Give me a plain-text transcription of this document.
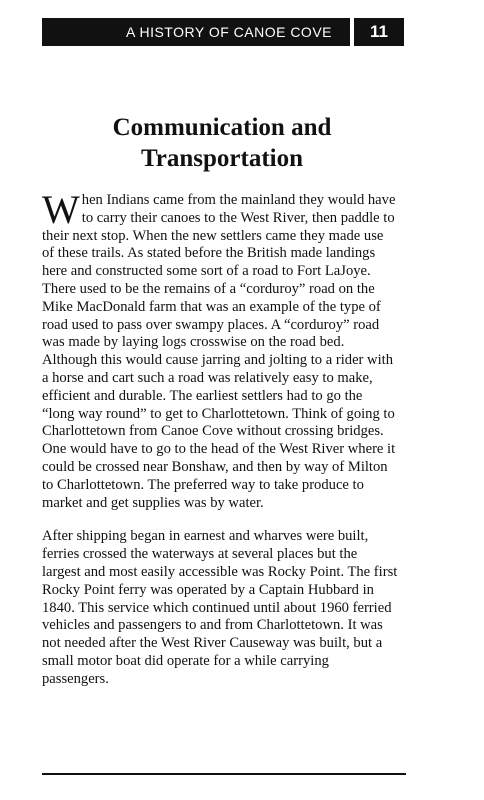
A HISTORY OF CANOE COVE 11
Communication and
Transportation

When Indians came from the mainland they would have to carry their canoes to the West River, then paddle to their next stop. When the new settlers came they made use of these trails. As stated before the British made landings here and constructed some sort of a road to Fort LaJoye. There used to be the remains of a “corduroy” road on the Mike MacDonald farm that was an example of the type of road used to pass over swampy places. A “corduroy” road was made by laying logs crosswise on the road bed. Although this would cause jarring and jolting to a rider with a horse and cart such a road was relatively easy to make, efficient and durable. The earliest settlers had to go the “long way round” to get to Charlottetown. Think of going to Charlottetown from Canoe Cove without crossing bridges. One would have to go to the head of the West River where it could be crossed near Bonshaw, and then by way of Milton to Charlottetown. The preferred way to take produce to market and get supplies was by water.

After shipping began in earnest and wharves were built, ferries crossed the waterways at several places but the largest and most easily accessible was Rocky Point. The first Rocky Point ferry was operated by a Captain Hubbard in 1840. This service which continued until about 1960 ferried vehicles and passengers to and from Charlottetown. It was not needed after the West River Causeway was built, but a small motor boat did operate for a while carrying passengers.
